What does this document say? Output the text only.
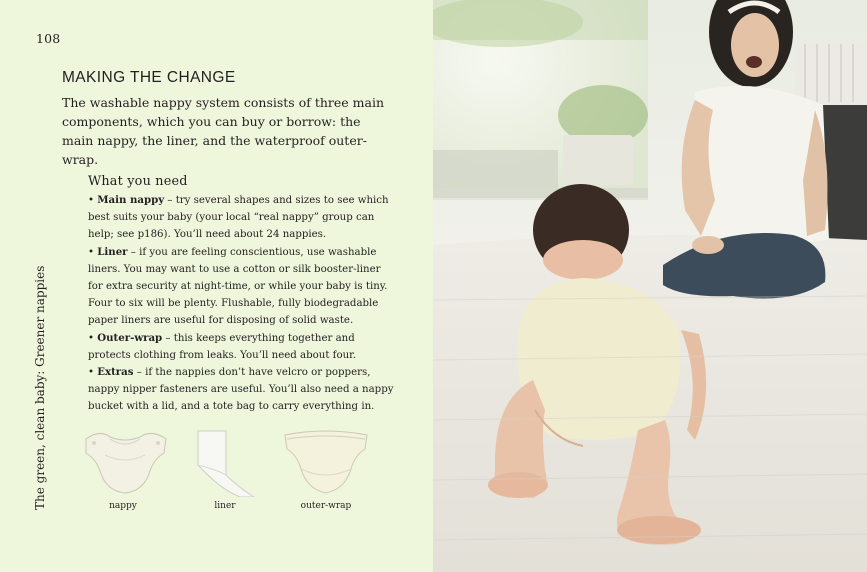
108
The green, clean baby: Greener nappies
MAKING THE CHANGE
The washable nappy system consists of three main components, which you can buy or borrow: the main nappy, the liner, and the waterproof outer-wrap.
What you need

• Main nappy – try several shapes and sizes to see which best suits your baby (your local “real nappy” group can help; see p186). You’ll need about 24 nappies.

• Liner – if you are feeling conscientious, use washable liners. You may want to use a cotton or silk booster-liner for extra security at night-time, or while your baby is tiny. Four to six will be plenty. Flushable, fully biodegradable paper liners are useful for disposing of solid waste.

• Outer-wrap – this keeps everything together and protects clothing from leaks. You’ll need about four.

• Extras – if the nappies don’t have velcro or poppers, nappy nipper fasteners are useful. You’ll also need a nappy bucket with a lid, and a tote bag to carry everything in.

nappy	liner	outer-wrap
